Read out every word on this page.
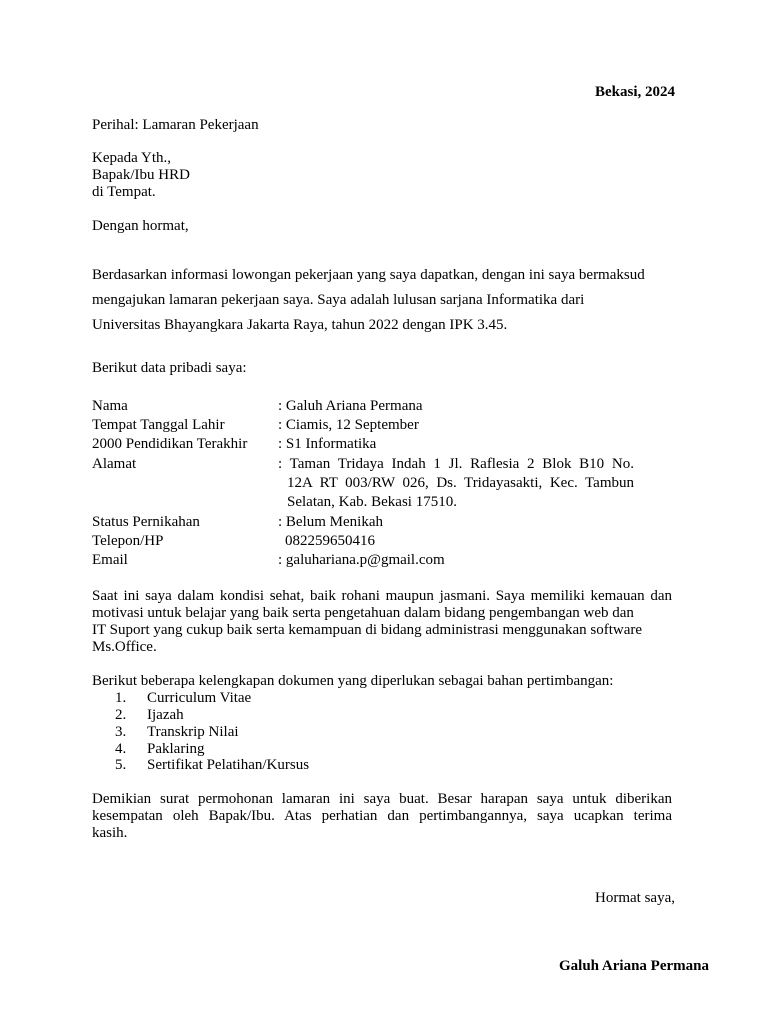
Bekasi, 2024
Perihal: Lamaran Pekerjaan
Kepada Yth.,
Bapak/Ibu HRD
di Tempat.
Dengan hormat,
Berdasarkan informasi lowongan pekerjaan yang saya dapatkan, dengan ini saya bermaksud
mengajukan lamaran pekerjaan saya. Saya adalah lulusan sarjana Informatika dari
Universitas Bhayangkara Jakarta Raya, tahun 2022 dengan IPK 3.45.
Berikut data pribadi saya:
Nama	: Galuh Ariana Permana
Tempat Tanggal Lahir	: Ciamis, 12 September
2000 Pendidikan Terakhir : S1 Informatika
Alamat	: Taman Tridaya Indah 1 Jl. Raflesia 2 Blok B10 No.
12A RT 003/RW 026, Ds. Tridayasakti, Kec. Tambun
Selatan, Kab. Bekasi 17510.
Status Pernikahan	: Belum Menikah
Telepon/HP	082259650416
Email	: galuhariana.p@gmail.com
Saat ini saya dalam kondisi sehat, baik rohani maupun jasmani. Saya memiliki kemauan dan
motivasi untuk belajar yang baik serta pengetahuan dalam bidang pengembangan web dan
IT Suport yang cukup baik serta kemampuan di bidang administrasi menggunakan software
Ms.Office.
Berikut beberapa kelengkapan dokumen yang diperlukan sebagai bahan pertimbangan:
1. Curriculum Vitae
2. Ijazah
3. Transkrip Nilai
4. Paklaring
5. Sertifikat Pelatihan/Kursus
Demikian surat permohonan lamaran ini saya buat. Besar harapan saya untuk diberikan
kesempatan oleh Bapak/Ibu. Atas perhatian dan pertimbangannya, saya ucapkan terima
kasih.
Hormat saya,
Galuh Ariana Permana
